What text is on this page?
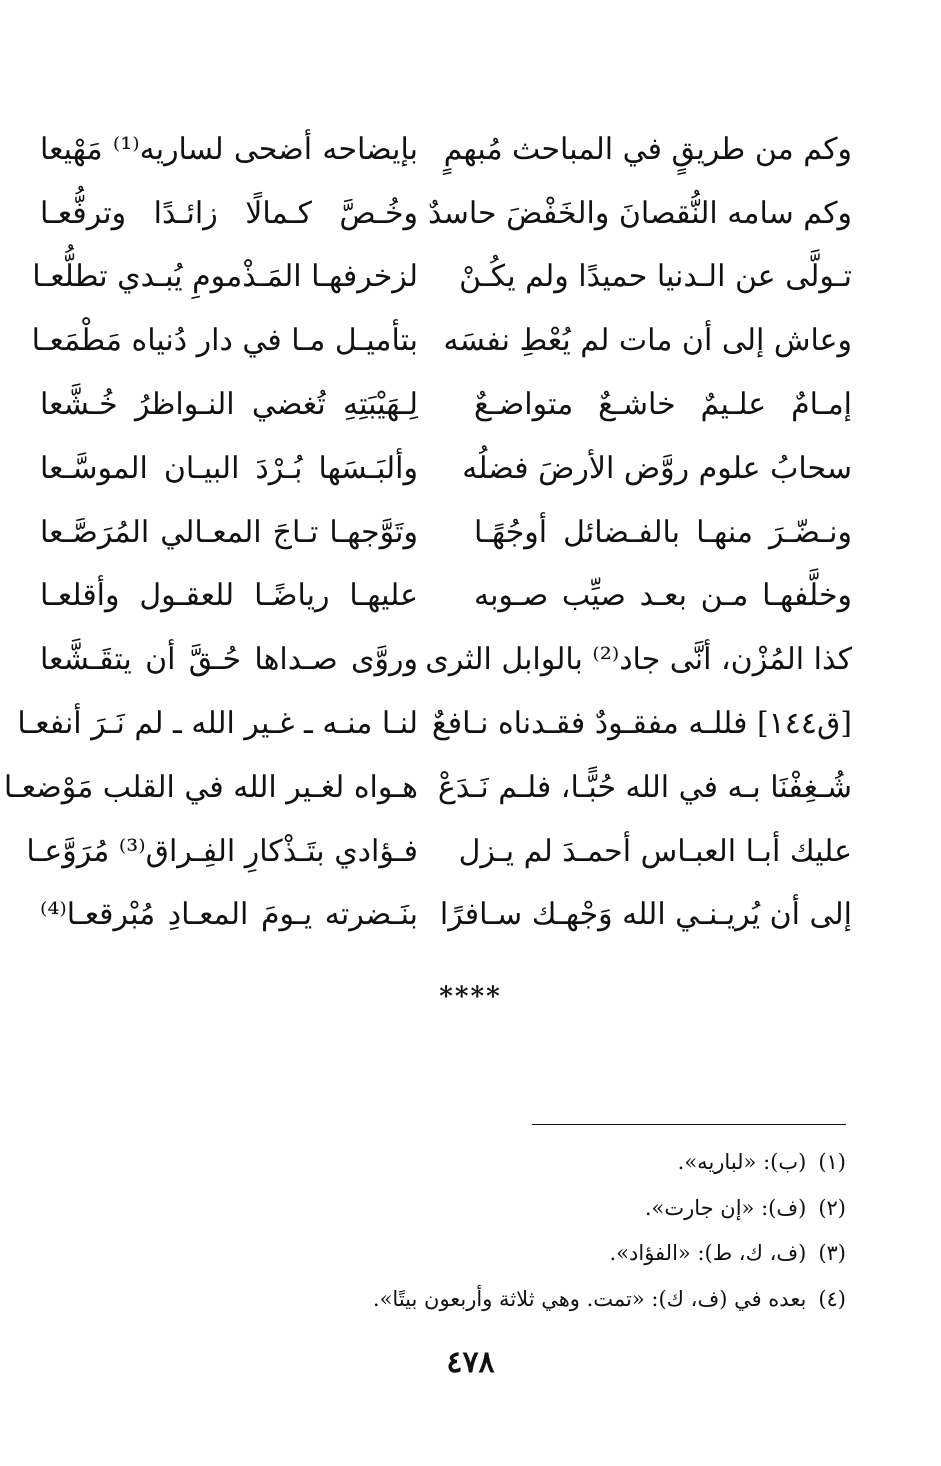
وكم من طريقٍ في المباحث مُبهمٍ
بإيضاحه أضحى لساريه⁽¹⁾ مَهْيعا
وكم سامه النُّقصانَ والخَفْضَ حاسدٌ
وخُـصَّ كـمالًا زائـدًا وترفُّعـا
تـولَّى عن الـدنيا حميدًا ولم يكُـنْ
لزخرفهـا المَـذْمومِ يُبـدي تطلُّعـا
وعاش إلى أن مات لم يُعْطِ نفسَه
بتأميـل مـا في دار دُنياه مَطْمَعـا
إمـامٌ علـيمٌ خاشـعٌ متواضـعٌ
لِـهَيْبَتِهِ تُغضي النـواظرُ خُـشَّعا
سحابُ علوم روَّض الأرضَ فضلُه
وألبَـسَها بُـرْدَ البيـان الموسَّـعا
ونـضّـرَ منهـا بالفـضائل أوجُهًـا
وتَوَّجهـا تـاجَ المعـالي المُرَصَّـعا
وخلَّفهـا مـن بعـد صيِّب صـوبه
عليهـا رياضًـا للعقـول وأقلعـا
كذا المُزْن، أنَّى جاد⁽²⁾ بالوابل الثرى
وروَّى صـداها حُـقَّ أن يتقَـشَّعا
[ق١٤٤] فللـه مفقـودٌ فقـدناه نـافعٌ
لنـا منـه ـ غـير الله ـ لم نَـرَ أنفعـا
شُـغِفْنَا بـه في الله حُبًّـا، فلـم نَـدَعْ
هـواه لغـير الله في القلب مَوْضعـا
عليك أبـا العبـاس أحمـدَ لم يـزل
فـؤادي بتَـذْكارِ الفِـراق⁽³⁾ مُرَوَّعـا
إلى أن يُريـنـي الله وَجْهـك سـافرًا
بنَـضرته يـومَ المعـادِ مُبْرقعـا⁽⁴⁾
****
(١)(ب): «لباريه».
(٢)(ف): «إن جارت».
(٣)(ف، ك، ط): «الفؤاد».
(٤)بعده في (ف، ك): «تمت. وهي ثلاثة وأربعون بيتًا».
٤٧٨
